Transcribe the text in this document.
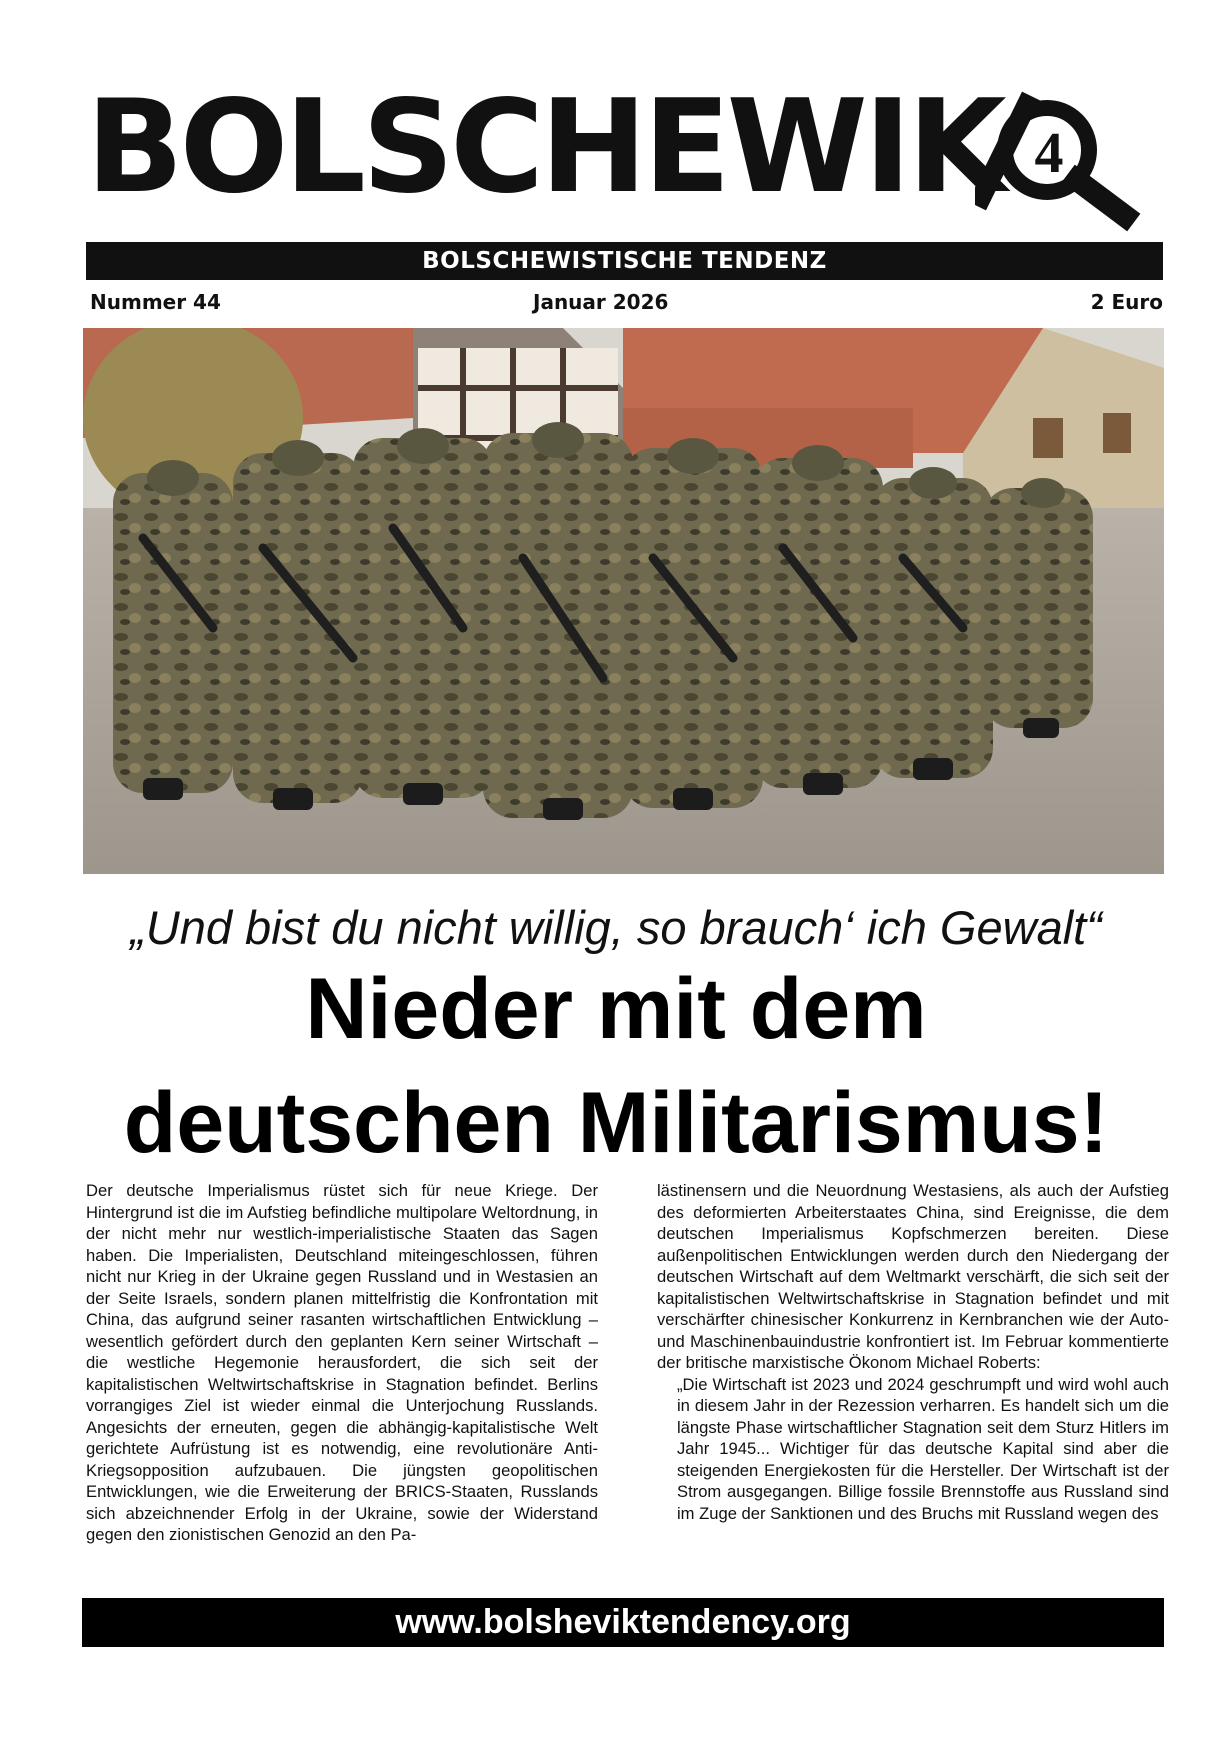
BOLSCHEWIK 4
BOLSCHEWISTISCHE TENDENZ
Nummer 44	Januar 2026	2 Euro
„Und bist du nicht willig, so brauch‘ ich Gewalt“
Nieder mit dem
deutschen Militarismus!

Der deutsche Imperialismus rüstet sich für neue Kriege. Der Hintergrund ist die im Aufstieg befindliche multipolare Weltordnung, in der nicht mehr nur westlich-imperialistische Staaten das Sagen haben. Die Imperialisten, Deutschland miteingeschlossen, führen nicht nur Krieg in der Ukraine gegen Russland und in Westasien an der Seite Israels, sondern planen mittelfristig die Konfrontation mit China, das aufgrund seiner rasanten wirtschaftlichen Entwicklung – wesentlich gefördert durch den geplanten Kern seiner Wirtschaft – die westliche Hegemonie herausfordert, die sich seit der kapitalistischen Weltwirtschaftskrise in Stagnation befindet. Berlins vorrangiges Ziel ist wieder einmal die Unterjochung Russlands. Angesichts der erneuten, gegen die abhängig-kapitalistische Welt gerichtete Aufrüstung ist es notwendig, eine revolutionäre Anti-Kriegsopposition aufzubauen. Die jüngsten geopolitischen Entwicklungen, wie die Erweiterung der BRICS-Staaten, Russlands sich abzeichnender Erfolg in der Ukraine, sowie der Widerstand gegen den zionistischen Genozid an den Pa-

lästinensern und die Neuordnung Westasiens, als auch der Aufstieg des deformierten Arbeiterstaates China, sind Ereignisse, die dem deutschen Imperialismus Kopfschmerzen bereiten. Diese außenpolitischen Entwicklungen werden durch den Niedergang der deutschen Wirtschaft auf dem Weltmarkt verschärft, die sich seit der kapitalistischen Weltwirtschaftskrise in Stagnation befindet und mit verschärfter chinesischer Konkurrenz in Kernbranchen wie der Auto- und Maschinenbauindustrie konfrontiert ist. Im Februar kommentierte der britische marxistische Ökonom Michael Roberts:

„Die Wirtschaft ist 2023 und 2024 geschrumpft und wird wohl auch in diesem Jahr in der Rezession verharren. Es handelt sich um die längste Phase wirtschaftlicher Stagnation seit dem Sturz Hitlers im Jahr 1945... Wichtiger für das deutsche Kapital sind aber die steigenden Energiekosten für die Hersteller. Der Wirtschaft ist der Strom ausgegangen. Billige fossile Brennstoffe aus Russland sind im Zuge der Sanktionen und des Bruchs mit Russland wegen des

www.bolsheviktendency.org
